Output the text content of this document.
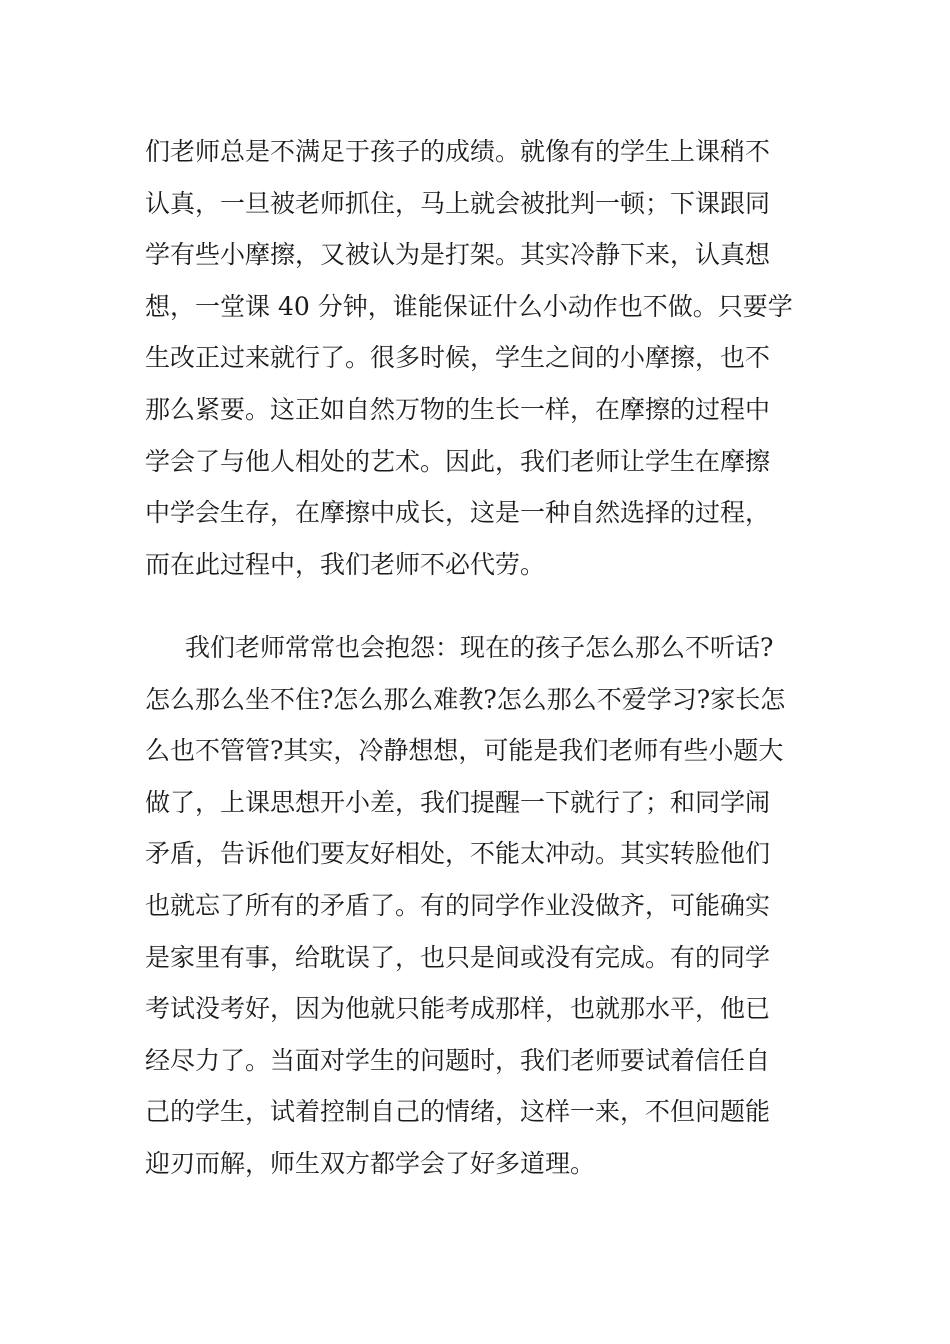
们老师总是不满足于孩子的成绩。就像有的学生上课稍不
认真，一旦被老师抓住，马上就会被批判一顿；下课跟同
学有些小摩擦，又被认为是打架。其实冷静下来，认真想
想，一堂课 40 分钟，谁能保证什么小动作也不做。只要学
生改正过来就行了。很多时候，学生之间的小摩擦，也不
那么紧要。这正如自然万物的生长一样，在摩擦的过程中
学会了与他人相处的艺术。因此，我们老师让学生在摩擦
中学会生存，在摩擦中成长，这是一种自然选择的过程，
而在此过程中，我们老师不必代劳。
我们老师常常也会抱怨：现在的孩子怎么那么不听话?
怎么那么坐不住?怎么那么难教?怎么那么不爱学习?家长怎
么也不管管?其实，冷静想想，可能是我们老师有些小题大
做了，上课思想开小差，我们提醒一下就行了；和同学闹
矛盾，告诉他们要友好相处，不能太冲动。其实转脸他们
也就忘了所有的矛盾了。有的同学作业没做齐，可能确实
是家里有事，给耽误了，也只是间或没有完成。有的同学
考试没考好，因为他就只能考成那样，也就那水平，他已
经尽力了。当面对学生的问题时，我们老师要试着信任自
己的学生，试着控制自己的情绪，这样一来，不但问题能
迎刃而解，师生双方都学会了好多道理。
